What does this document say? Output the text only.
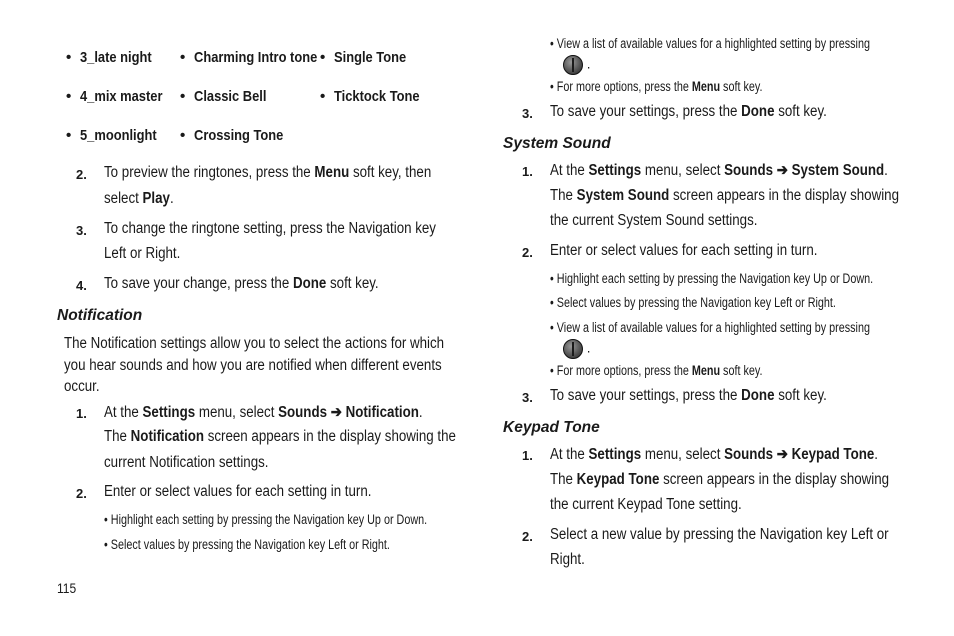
• 3_late night
• 4_mix master
• 5_moonlight
• Charming Intro tone
• Classic Bell
• Crossing Tone
• Single Tone
• Ticktock Tone
2. To preview the ringtones, press the Menu soft key, then
select Play.
3. To change the ringtone setting, press the Navigation key
Left or Right.
4. To save your change, press the Done soft key.
Notification
The Notification settings allow you to select the actions for which
you hear sounds and how you are notified when different events
occur.
1. At the Settings menu, select Sounds ➔ Notification.
The Notification screen appears in the display showing the
current Notification settings.
2. Enter or select values for each setting in turn.
• Highlight each setting by pressing the Navigation key Up or Down.
• Select values by pressing the Navigation key Left or Right.
115
• View a list of available values for a highlighted setting by pressing
.
• For more options, press the Menu soft key.
3. To save your settings, press the Done soft key.
System Sound
1. At the Settings menu, select Sounds ➔ System Sound.
The System Sound screen appears in the display showing
the current System Sound settings.
2. Enter or select values for each setting in turn.
• Highlight each setting by pressing the Navigation key Up or Down.
• Select values by pressing the Navigation key Left or Right.
• View a list of available values for a highlighted setting by pressing
.
• For more options, press the Menu soft key.
3. To save your settings, press the Done soft key.
Keypad Tone
1. At the Settings menu, select Sounds ➔ Keypad Tone.
The Keypad Tone screen appears in the display showing
the current Keypad Tone setting.
2. Select a new value by pressing the Navigation key Left or
Right.
